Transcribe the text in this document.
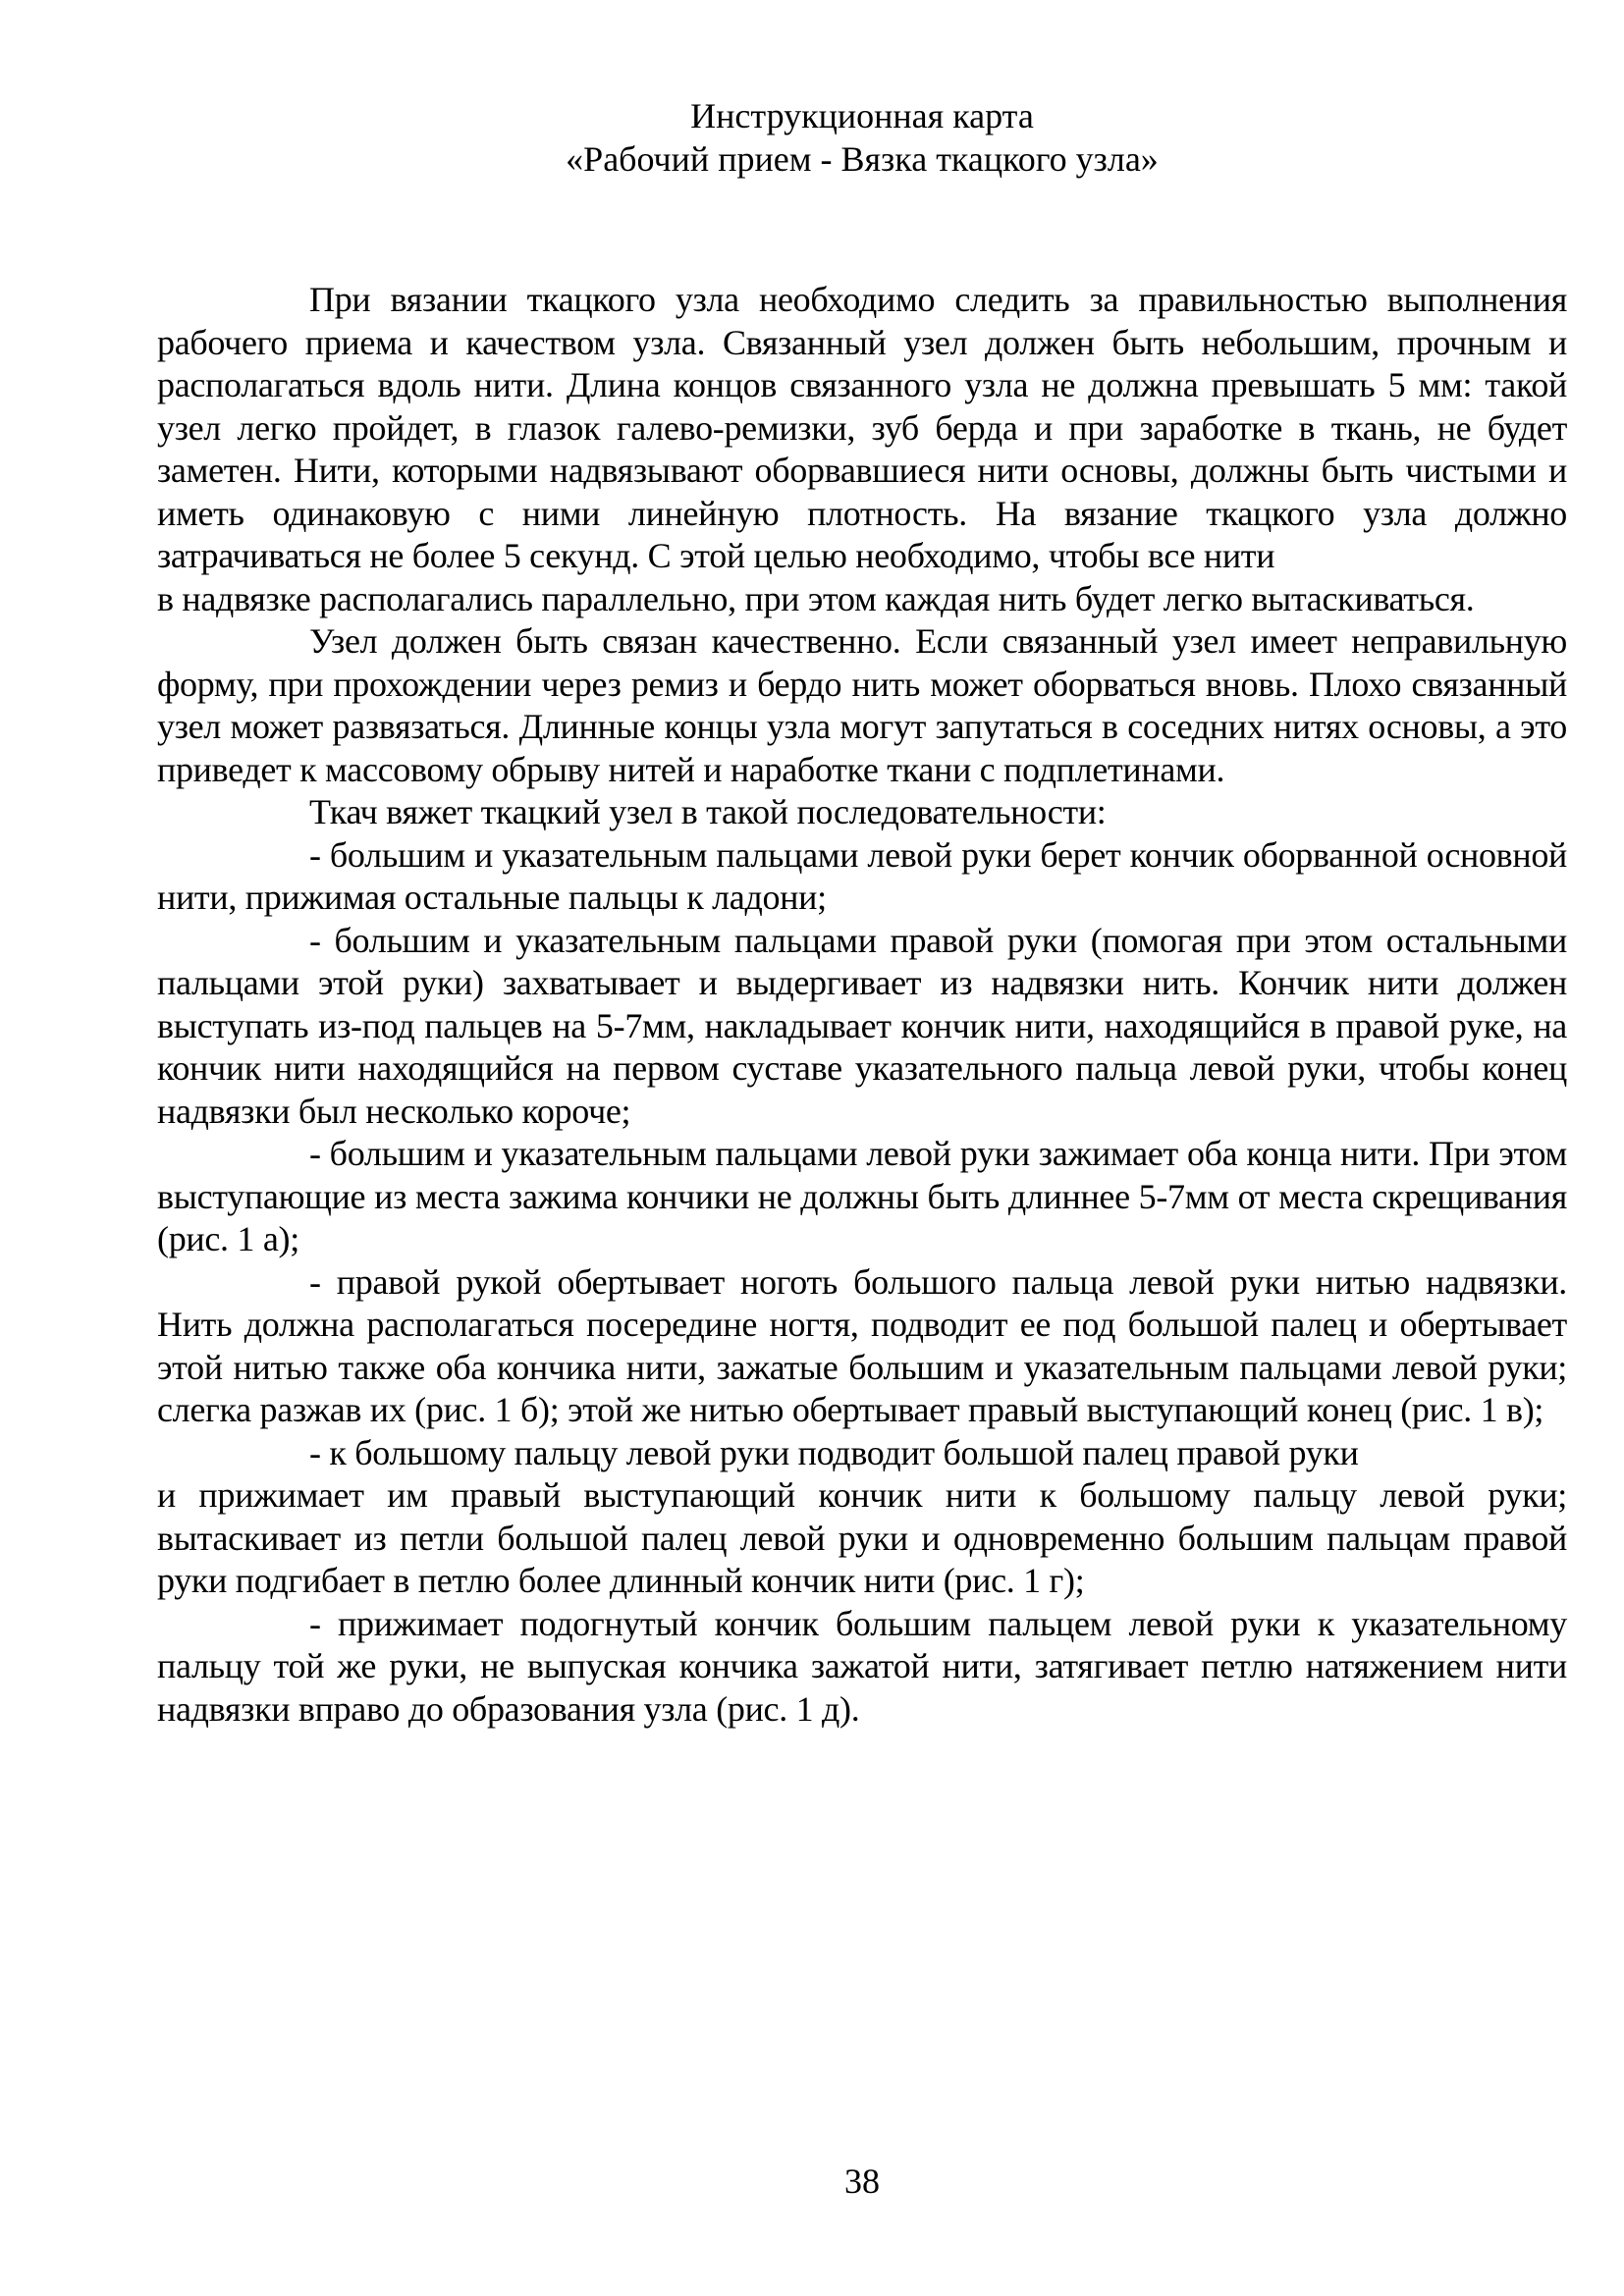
Инструкционная карта

«Рабочий прием - Вязка ткацкого узла»

При вязании ткацкого узла необходимо следить за правильностью выполнения рабочего приема и качеством узла. Связанный узел должен быть небольшим, прочным и располагаться вдоль нити. Длина концов связанного узла не должна превышать 5 мм: такой узел легко пройдет, в глазок галево-ремизки, зуб берда и при заработке в ткань, не будет заметен. Нити, которыми надвязывают оборвавшиеся нити основы, должны быть чистыми и иметь одинаковую с ними линейную плотность. На вязание ткацкого узла должно затрачиваться не более 5 секунд. С этой целью необходимо, чтобы все нити

в надвязке располагались параллельно, при этом каждая нить будет легко вытаскиваться.

Узел должен быть связан качественно. Если связанный узел имеет неправильную форму, при прохождении через ремиз и бердо нить может оборваться вновь. Плохо связанный узел может развязаться. Длинные концы узла могут запутаться в соседних нитях основы, а это приведет к массовому обрыву нитей и наработке ткани с подплетинами.

Ткач вяжет ткацкий узел в такой последовательности:

- большим и указательным пальцами левой руки берет кончик оборванной основной нити, прижимая остальные пальцы к ладони;

- большим и указательным пальцами правой руки (помогая при этом остальными пальцами этой руки) захватывает и выдергивает из надвязки нить. Кончик нити должен выступать из-под пальцев на 5-7мм, накладывает кончик нити, находящийся в правой руке, на кончик нити находящийся на первом суставе указательного пальца левой руки, чтобы конец надвязки был несколько короче;

- большим и указательным пальцами левой руки зажимает оба конца нити. При этом выступающие из места зажима кончики не должны быть длиннее 5-7мм от места скрещивания (рис. 1 а);

- правой рукой обертывает ноготь большого пальца левой руки нитью надвязки. Нить должна располагаться посередине ногтя, подводит ее под большой палец и обертывает этой нитью также оба кончика нити, зажатые большим и указательным пальцами левой руки; слегка разжав их (рис. 1 б); этой же нитью обертывает правый выступающий конец (рис. 1 в);

- к большому пальцу левой руки подводит большой палец правой руки

и прижимает им правый выступающий кончик нити к большому пальцу левой руки; вытаскивает из петли большой палец левой руки и одновременно большим пальцам правой руки подгибает в петлю более длинный кончик нити (рис. 1 г);

- прижимает подогнутый кончик большим пальцем левой руки к указательному пальцу той же руки, не выпуская кончика зажатой нити, затягивает петлю натяжением нити надвязки вправо до образования узла (рис. 1 д).

38
